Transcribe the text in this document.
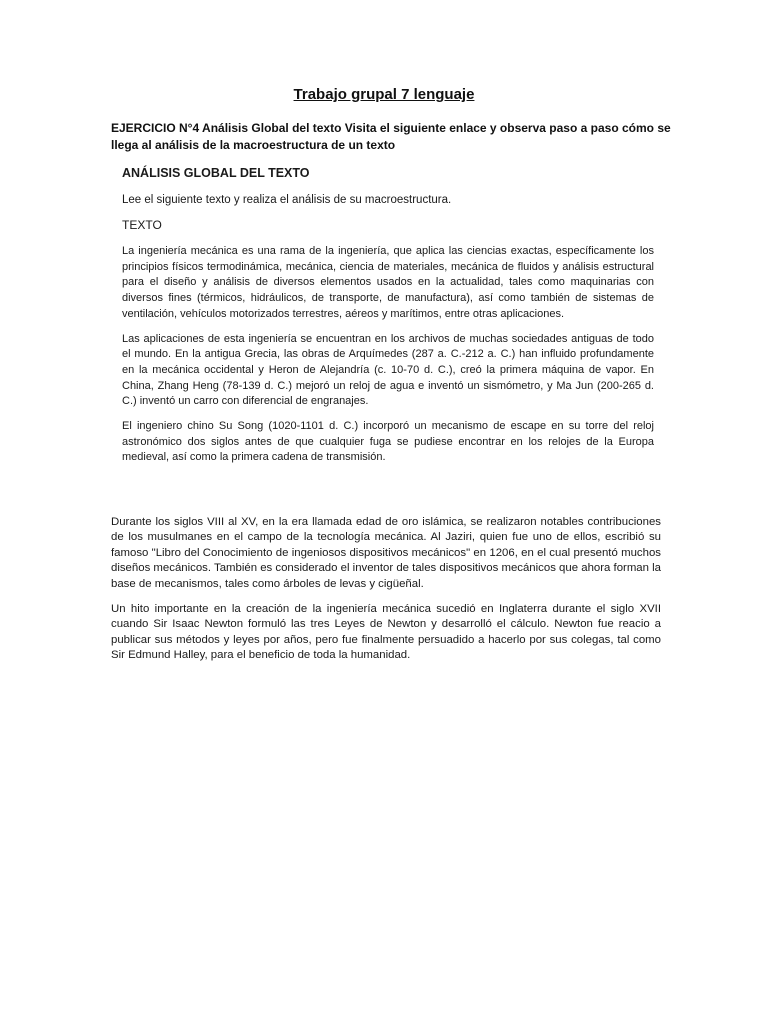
Trabajo grupal 7 lenguaje

EJERCICIO N°4 Análisis Global del texto Visita el siguiente enlace y observa paso a paso cómo se llega al análisis de la macroestructura de un texto

ANÁLISIS GLOBAL DEL TEXTO

Lee el siguiente texto y realiza el análisis de su macroestructura.

TEXTO

La ingeniería mecánica es una rama de la ingeniería, que aplica las ciencias exactas, específicamente los principios físicos termodinámica, mecánica, ciencia de materiales, mecánica de fluidos y análisis estructural para el diseño y análisis de diversos elementos usados en la actualidad, tales como maquinarias con diversos fines (térmicos, hidráulicos, de transporte, de manufactura), así como también de sistemas de ventilación, vehículos motorizados terrestres, aéreos y marítimos, entre otras aplicaciones.

Las aplicaciones de esta ingeniería se encuentran en los archivos de muchas sociedades antiguas de todo el mundo. En la antigua Grecia, las obras de Arquímedes (287 a. C.-212 a. C.) han influido profundamente en la mecánica occidental y Heron de Alejandría (c. 10-70 d. C.), creó la primera máquina de vapor. En China, Zhang Heng (78-139 d. C.) mejoró un reloj de agua e inventó un sismómetro, y Ma Jun (200-265 d. C.) inventó un carro con diferencial de engranajes.

El ingeniero chino Su Song (1020-1101 d. C.) incorporó un mecanismo de escape en su torre del reloj astronómico dos siglos antes de que cualquier fuga se pudiese encontrar en los relojes de la Europa medieval, así como la primera cadena de transmisión.

Durante los siglos VIII al XV, en la era llamada edad de oro islámica, se realizaron notables contribuciones de los musulmanes en el campo de la tecnología mecánica. Al Jaziri, quien fue uno de ellos, escribió su famoso "Libro del Conocimiento de ingeniosos dispositivos mecánicos" en 1206, en el cual presentó muchos diseños mecánicos. También es considerado el inventor de tales dispositivos mecánicos que ahora forman la base de mecanismos, tales como árboles de levas y cigüeñal.

Un hito importante en la creación de la ingeniería mecánica sucedió en Inglaterra durante el siglo XVII cuando Sir Isaac Newton formuló las tres Leyes de Newton y desarrolló el cálculo. Newton fue reacio a publicar sus métodos y leyes por años, pero fue finalmente persuadido a hacerlo por sus colegas, tal como Sir Edmund Halley, para el beneficio de toda la humanidad.
